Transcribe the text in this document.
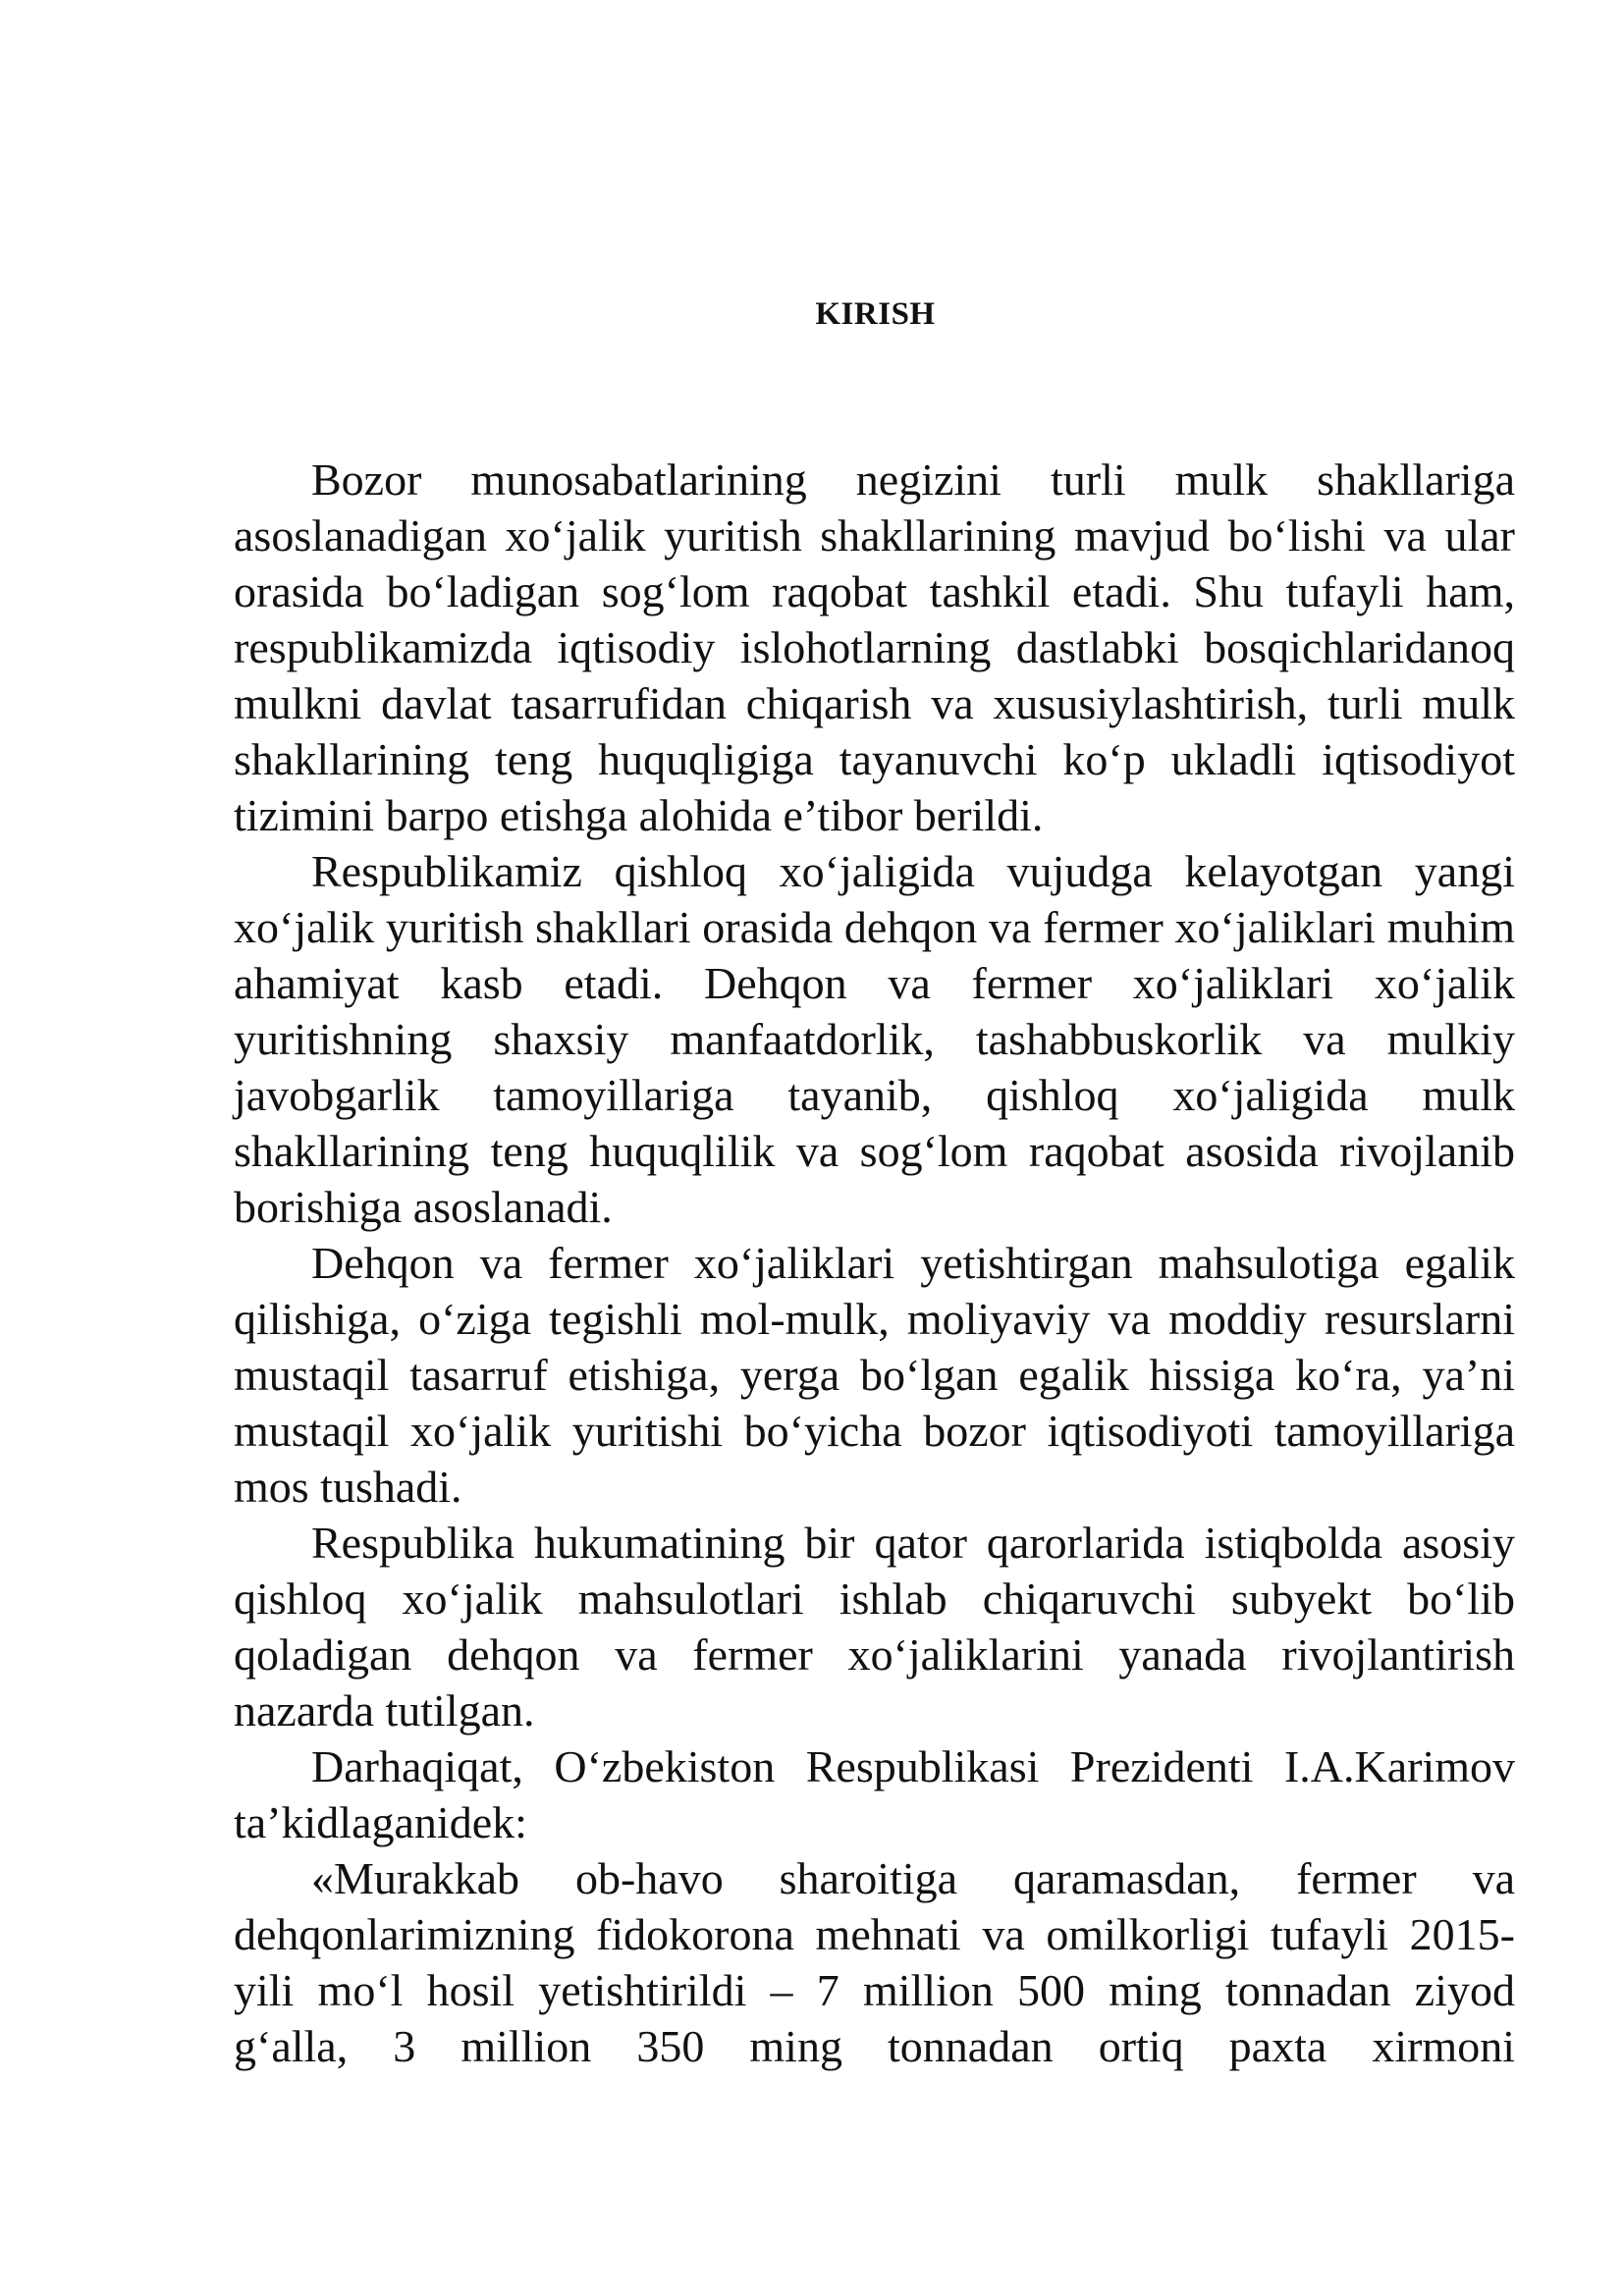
KIRISH

Bozor munosabatlarining negizini turli mulk shakllariga asoslanadigan xo‘jalik yuritish shakllarining mavjud bo‘lishi va ular orasida bo‘ladigan sog‘lom raqobat tashkil etadi. Shu tufayli ham, respublikamizda iqtisodiy islohotlarning dastlabki bosqichlaridanoq mulkni davlat tasarrufidan chiqarish va xususiylashtirish, turli mulk shakllarining teng huquqligiga tayanuvchi ko‘p ukladli iqtisodiyot tizimini barpo etishga alohida e’tibor berildi.

Respublikamiz qishloq xo‘jaligida vujudga kelayotgan yangi xo‘jalik yuritish shakllari orasida dehqon va fermer xo‘jaliklari muhim ahamiyat kasb etadi. Dehqon va fermer xo‘jaliklari xo‘jalik yuritishning shaxsiy manfaatdorlik, tashabbuskorlik va mulkiy javobgarlik tamoyillariga tayanib, qishloq xo‘jaligida mulk shakllarining teng huquqlilik va sog‘lom raqobat asosida rivojlanib borishiga asoslanadi.

Dehqon va fermer xo‘jaliklari yetishtirgan mahsulotiga egalik qilishiga, o‘ziga tegishli mol-mulk, moliyaviy va moddiy resurslarni mustaqil tasarruf etishiga, yerga bo‘lgan egalik hissiga ko‘ra, ya’ni mustaqil xo‘jalik yuritishi bo‘yicha bozor iqtisodiyoti tamoyillariga mos tushadi.

Respublika hukumatining bir qator qarorlarida istiqbolda asosiy qishloq xo‘jalik mahsulotlari ishlab chiqaruvchi subyekt bo‘lib qoladigan dehqon va fermer xo‘jaliklarini yanada rivojlantirish nazarda tutilgan.

Darhaqiqat, O‘zbekiston Respublikasi Prezidenti I.A.Karimov ta’kidlaganidek:

«Murakkab ob-havo sharoitiga qaramasdan, fermer va dehqonlarimizning fidokorona mehnati va omilkorligi tufayli 2015-yili mo‘l hosil yetishtirildi – 7 million 500 ming tonnadan ziyod g‘alla, 3 million 350 ming tonnadan ortiq paxta xirmoni
